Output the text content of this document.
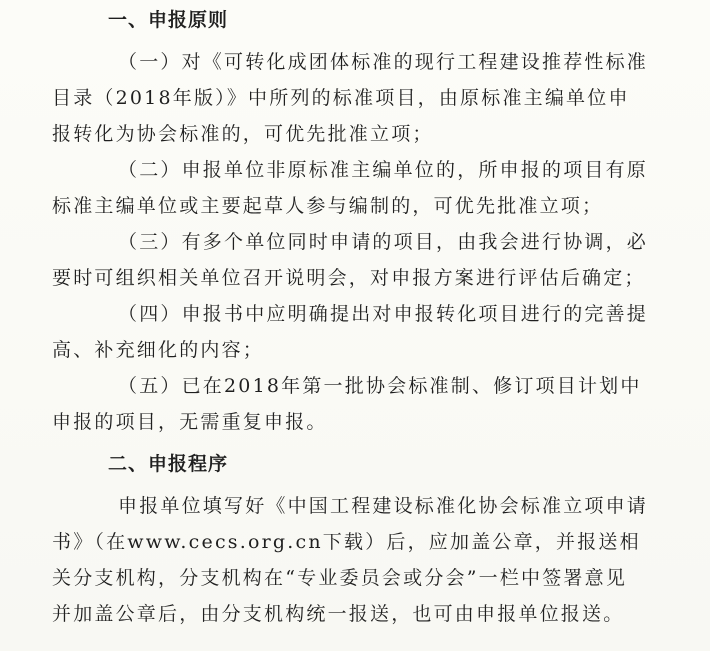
一、申报原则
（一）对《可转化成团体标准的现行工程建设推荐性标准目录（2018年版）》中所列的标准项目，由原标准主编单位申报转化为协会标准的，可优先批准立项；
（二）申报单位非原标准主编单位的，所申报的项目有原标准主编单位或主要起草人参与编制的，可优先批准立项；
（三）有多个单位同时申请的项目，由我会进行协调，必要时可组织相关单位召开说明会，对申报方案进行评估后确定；
（四）申报书中应明确提出对申报转化项目进行的完善提高、补充细化的内容；
（五）已在2018年第一批协会标准制、修订项目计划中申报的项目，无需重复申报。
二、申报程序
申报单位填写好《中国工程建设标准化协会标准立项申请书》（在www.cecs.org.cn下载）后，应加盖公章，并报送相关分支机构，分支机构在“专业委员会或分会”一栏中签署意见并加盖公章后，由分支机构统一报送，也可由申报单位报送。
